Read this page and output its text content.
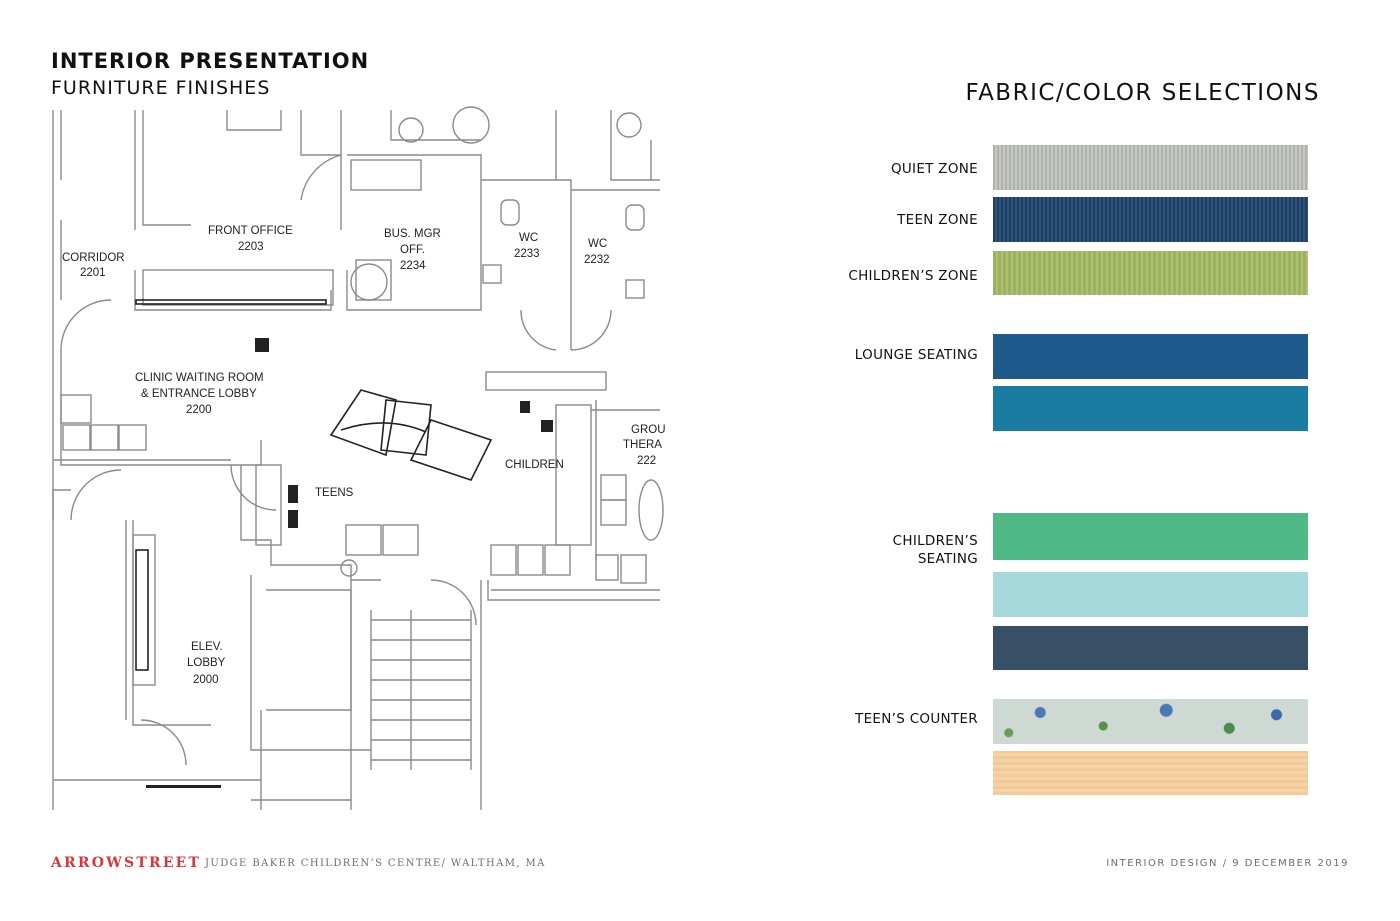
INTERIOR PRESENTATION
FURNITURE FINISHES
FRONT OFFICE
2203
CORRIDOR
2201
BUS. MGR
OFF.
2234
WC
2233
WC
2232
CLINIC WAITING ROOM
& ENTRANCE LOBBY
2200
TEENS
CHILDREN
GROU
THERA
222
ELEV.
LOBBY
2000
FABRIC/COLOR SELECTIONS
QUIET ZONE
TEEN ZONE
CHILDREN’S ZONE
LOUNGE SEATING
CHILDREN’S
SEATING
TEEN’S COUNTER
ARROWSTREET JUDGE BAKER CHILDREN’S CENTRE/ WALTHAM, MA	INTERIOR DESIGN / 9 DECEMBER 2019
